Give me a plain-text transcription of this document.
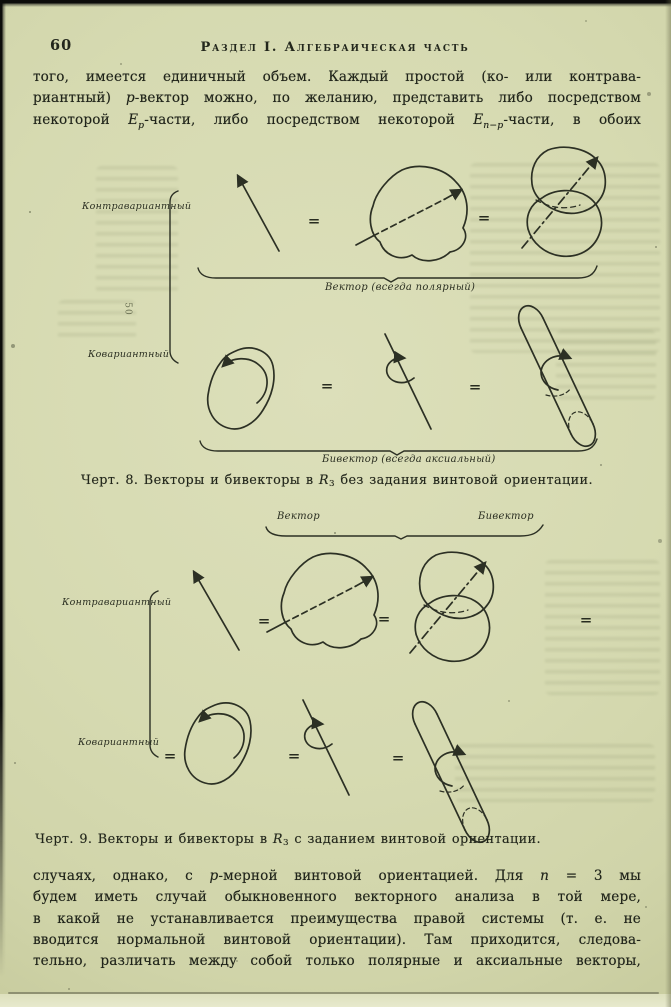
60	Раздел I. Алгебраическая часть
того, имеется единичный объем. Каждый простой (ко- или контрава-
риантный) p-вектор можно, по желанию, представить либо посредством
некоторой $E_p$-части, либо посредством некоторой $E_{n-p}$-части, в обоих
Контравариантный
Ковариантный
Вектор (всегда полярный)
Бивектор (всегда аксиальный)
=	=
=	=
Черт. 8. Векторы и бивекторы в $R_3$ без задания винтовой ориентации.
Вектор	Бивектор
Контравариантный
Ковариантный
=	=	=
=	=	=
Черт. 9. Векторы и бивекторы в $R_3$ с заданием винтовой ориентации.
50
случаях, однако, с p-мерной винтовой ориентацией. Для n = 3 мы
будем иметь случай обыкновенного векторного анализа в той мере,
в какой не устанавливается преимущества правой системы (т. е. не
вводится нормальной винтовой ориентации). Там приходится, следова-
тельно, различать между собой только полярные и аксиальные векторы,
